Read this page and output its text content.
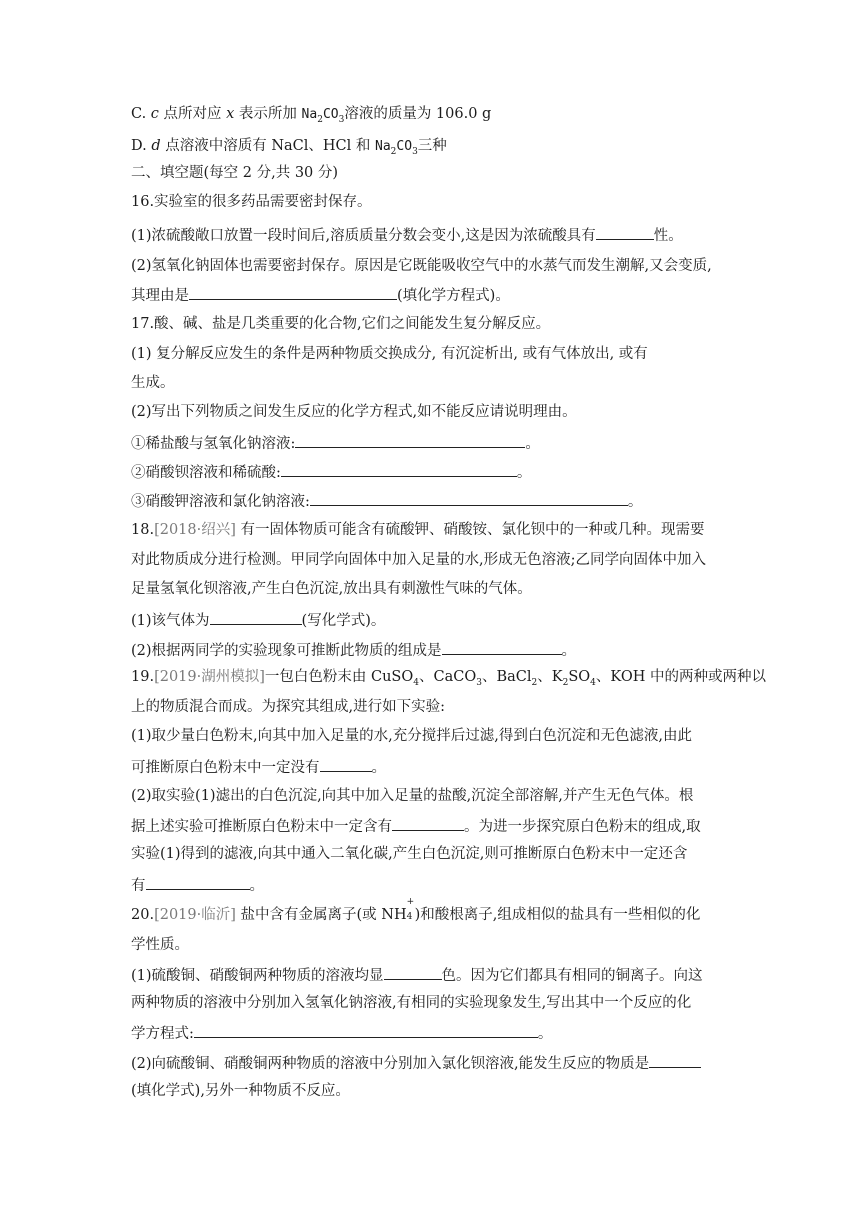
C. c 点所对应 x 表示所加 $Na_2CO_3$溶液的质量为 106.0 g
D. d 点溶液中溶质有 NaCl、HCl 和 $Na_2CO_3$三种
二、填空题(每空 2 分,共 30 分)
16.实验室的很多药品需要密封保存。
(1)浓硫酸敞口放置一段时间后,溶质质量分数会变小,这是因为浓硫酸具有	性。
(2)氢氧化钠固体也需要密封保存。原因是它既能吸收空气中的水蒸气而发生潮解,又会变质,
其理由是	(填化学方程式)。
17.酸、碱、盐是几类重要的化合物,它们之间能发生复分解反应。
(1) 复分解反应发生的条件是两种物质交换成分, 有沉淀析出, 或有气体放出, 或有
生成。
(2)写出下列物质之间发生反应的化学方程式,如不能反应请说明理由。
①稀盐酸与氢氧化钠溶液:	。
②硝酸钡溶液和稀硫酸:	。
③硝酸钾溶液和氯化钠溶液:	。
18.[2018·绍兴] 有一固体物质可能含有硫酸钾、硝酸铵、氯化钡中的一种或几种。现需要
对此物质成分进行检测。甲同学向固体中加入足量的水,形成无色溶液;乙同学向固体中加入
足量氢氧化钡溶液,产生白色沉淀,放出具有刺激性气味的气体。
(1)该气体为	(写化学式)。
(2)根据两同学的实验现象可推断此物质的组成是	。
19.[2019·湖州模拟]一包白色粉末由 CuSO$_4$、CaCO$_3$、BaCl$_2$、$K_2SO_4$、KOH 中的两种或两种以
上的物质混合而成。为探究其组成,进行如下实验:
(1)取少量白色粉末,向其中加入足量的水,充分搅拌后过滤,得到白色沉淀和无色滤液,由此
可推断原白色粉末中一定没有	。
(2)取实验(1)滤出的白色沉淀,向其中加入足量的盐酸,沉淀全部溶解,并产生无色气体。根
据上述实验可推断原白色粉末中一定含有	。为进一步探究原白色粉末的组成,取
实验(1)得到的滤液,向其中通入二氧化碳,产生白色沉淀,则可推断原白色粉末中一定还含
有	。
20.[2019·临沂] 盐中含有金属离子(或 NH
+
4 )和酸根离子,组成相似的盐具有一些相似的化
学性质。
(1)硫酸铜、硝酸铜两种物质的溶液均显	色。因为它们都具有相同的铜离子。向这
两种物质的溶液中分别加入氢氧化钠溶液,有相同的实验现象发生,写出其中一个反应的化
学方程式:	。
(2)向硫酸铜、硝酸铜两种物质的溶液中分别加入氯化钡溶液,能发生反应的物质是
(填化学式),另外一种物质不反应。
